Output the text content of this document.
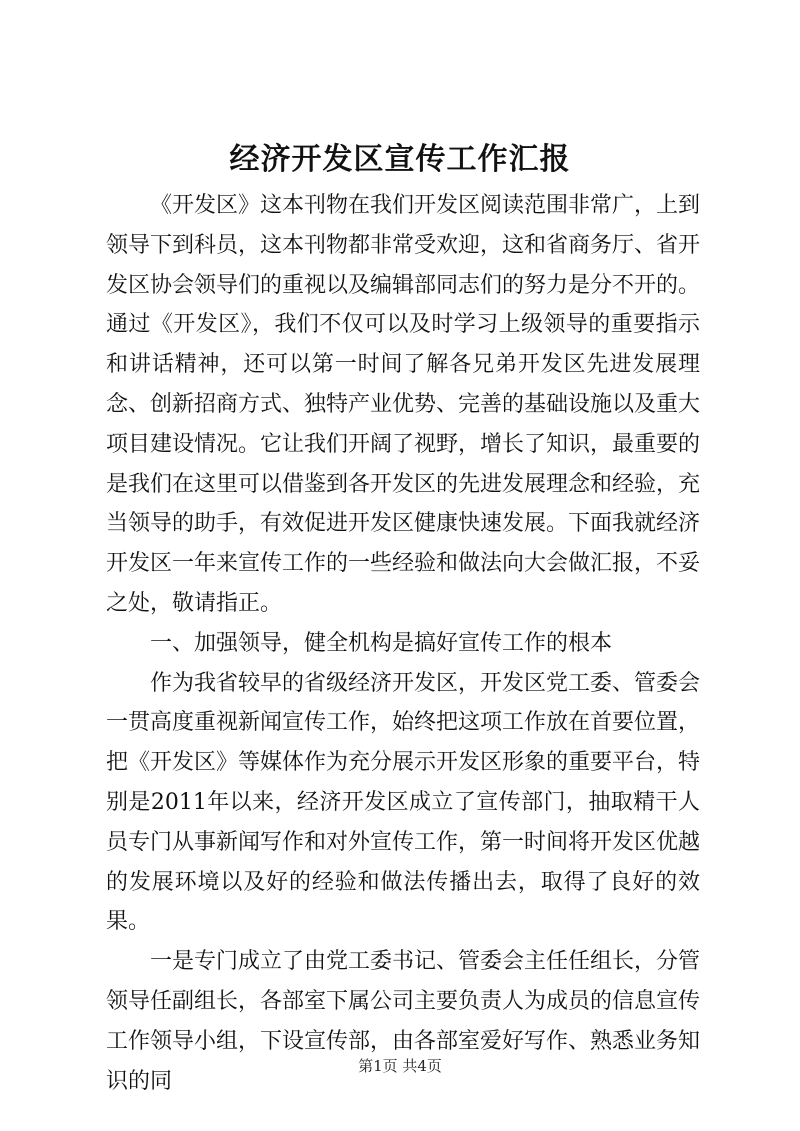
经济开发区宣传工作汇报

《开发区》这本刊物在我们开发区阅读范围非常广，上到领导下到科员，这本刊物都非常受欢迎，这和省商务厅、省开发区协会领导们的重视以及编辑部同志们的努力是分不开的。通过《开发区》，我们不仅可以及时学习上级领导的重要指示和讲话精神，还可以第一时间了解各兄弟开发区先进发展理念、创新招商方式、独特产业优势、完善的基础设施以及重大项目建设情况。它让我们开阔了视野，增长了知识，最重要的是我们在这里可以借鉴到各开发区的先进发展理念和经验，充当领导的助手，有效促进开发区健康快速发展。下面我就经济开发区一年来宣传工作的一些经验和做法向大会做汇报，不妥之处，敬请指正。

一、加强领导，健全机构是搞好宣传工作的根本

作为我省较早的省级经济开发区，开发区党工委、管委会一贯高度重视新闻宣传工作，始终把这项工作放在首要位置，把《开发区》等媒体作为充分展示开发区形象的重要平台，特别是2011年以来，经济开发区成立了宣传部门，抽取精干人员专门从事新闻写作和对外宣传工作，第一时间将开发区优越的发展环境以及好的经验和做法传播出去，取得了良好的效果。

一是专门成立了由党工委书记、管委会主任任组长，分管领导任副组长，各部室下属公司主要负责人为成员的信息宣传工作领导小组，下设宣传部，由各部室爱好写作、熟悉业务知识的同

第1页 共4页
